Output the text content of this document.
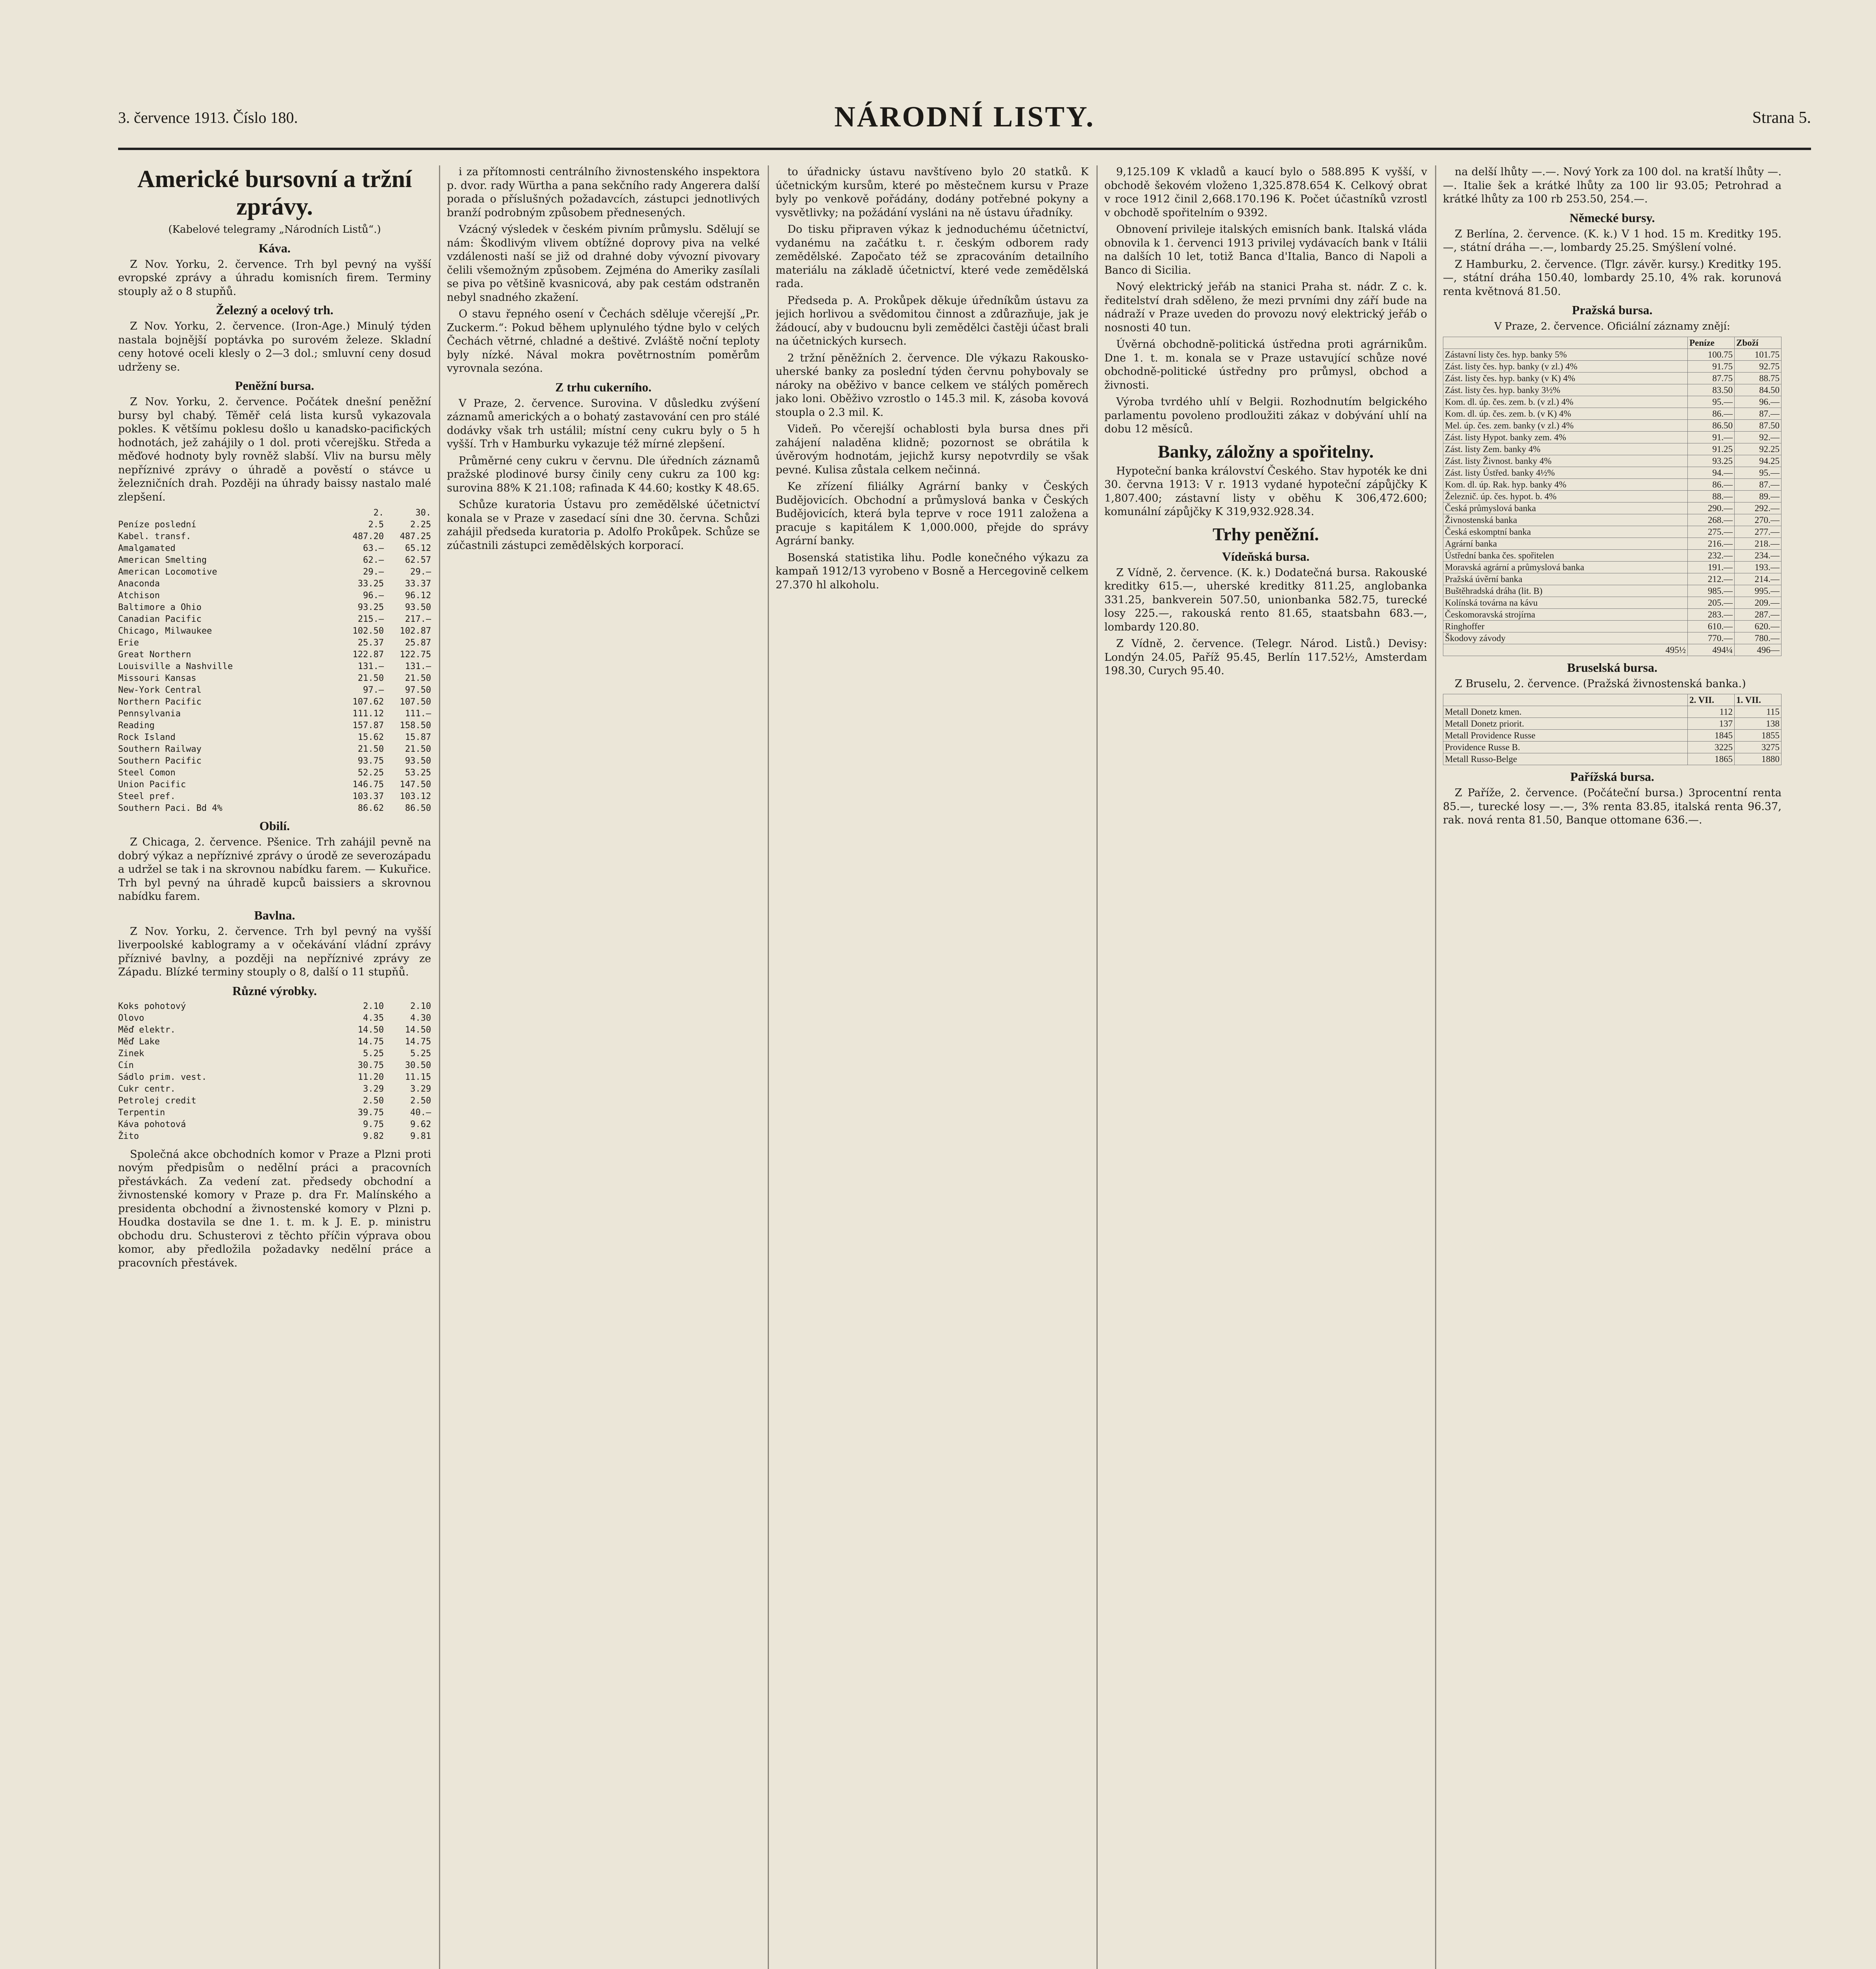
3. července 1913. Číslo 180.	NÁRODNÍ LISTY.	Strana 5.
Americké bursovní a tržní zprávy.
(Kabelové telegramy „Národních Listů“.)
Káva.

Z Nov. Yorku, 2. července. Trh byl pevný na vyšší evropské zprávy a úhradu komisních firem. Terminy stouply až o 8 stupňů.

Železný a ocelový trh.

Z Nov. Yorku, 2. července. (Iron-Age.) Minulý týden nastala bojnější poptávka po surovém železe. Skladní ceny hotové oceli klesly o 2—3 dol.; smluvní ceny dosud udrženy se.

Peněžní bursa.

Z Nov. Yorku, 2. července. Počátek dnešní peněžní bursy byl chabý. Těměř celá lista kursů vykazovala pokles. K většímu poklesu došlo u kanadsko-pacifických hodnotách, jež zahájily o 1 dol. proti včerejšku. Středa a měďové hodnoty byly rovněž slabší. Vliv na bursu měly nepříznivé zprávy o úhradě a pověstí o stávce u železničních drah. Později na úhrady baissy nastalo malé zlepšení.

2.	30.
Peníze poslední	2.5	2.25
Kabel. transf.	487.20	487.25
Amalgamated	63.—	65.12
American Smelting	62.—	62.57
American Locomotive	29.—	29.—
Anaconda	33.25	33.37
Atchison	96.—	96.12
Baltimore a Ohio	93.25	93.50
Canadian Pacific	215.—	217.—
Chicago, Milwaukee	102.50	102.87
Erie	25.37	25.87
Great Northern	122.87	122.75
Louisville a Nashville	131.—	131.—
Missouri Kansas	21.50	21.50
New-York Central	97.—	97.50
Northern Pacific	107.62	107.50
Pennsylvania	111.12	111.—
Reading	157.87	158.50
Rock Island	15.62	15.87
Southern Railway	21.50	21.50
Southern Pacific	93.75	93.50
Steel Comon	52.25	53.25
Union Pacific	146.75	147.50
Steel pref.	103.37	103.12
Southern Paci. Bd 4%	86.62	86.50
Obilí.

Z Chicaga, 2. července. Pšenice. Trh zahájil pevně na dobrý výkaz a nepříznivé zprávy o úrodě ze severozápadu a udržel se tak i na skrovnou nabídku farem. — Kukuřice. Trh byl pevný na úhradě kupců baissiers a skrovnou nabídku farem.

Bavlna.

Z Nov. Yorku, 2. července. Trh byl pevný na vyšší liverpoolské kablogramy a v očekávání vládní zprávy příznivé bavlny, a později na nepříznivé zprávy ze Západu. Blízké terminy stouply o 8, další o 11 stupňů.

Různé výrobky.
Koks pohotový	2.10	2.10
Olovo	4.35	4.30
Měď elektr.	14.50	14.50
Měď Lake	14.75	14.75
Zinek	5.25	5.25
Cín	30.75	30.50
Sádlo prim. vest.	11.20	11.15
Cukr centr.	3.29	3.29
Petrolej credit	2.50	2.50
Terpentin	39.75	40.—
Káva pohotová	9.75	9.62
Žito	9.82	9.81

Společná akce obchodních komor v Praze a Plzni proti novým předpisům o nedělní práci a pracovních přestávkách. Za vedení zat. předsedy obchodní a živnostenské komory v Praze p. dra Fr. Malínského a presidenta obchodní a živnostenské komory v Plzni p. Houdka dostavila se dne 1. t. m. k J. E. p. ministru obchodu dru. Schusterovi z těchto příčin výprava obou komor, aby předložila požadavky nedělní práce a pracovních přestávek.

i za přítomnosti centrálního živnostenského inspektora p. dvor. rady Würtha a pana sekčního rady Angerera další porada o příslušných požadavcích, zástupci jednotlivých branží podrobným způsobem přednesených.

Vzácný výsledek v českém pivním průmyslu. Sdělují se nám: Škodlivým vlivem obtížné doprovy piva na velké vzdálenosti naší se již od drahné doby vývozní pivovary čelili všemožným způsobem. Zejména do Ameriky zasílali se piva po většině kvasnicová, aby pak cestám odstraněn nebyl snadného zkažení.

O stavu řepného osení v Čechách sděluje včerejší „Pr. Zuckerm.“: Pokud během uplynulého týdne bylo v celých Čechách větrné, chladné a deštivé. Zvláště noční teploty byly nízké. Nával mokra povětrnostním poměrům vyrovnala sezóna.

Z trhu cukerního.

V Praze, 2. července. Surovina. V důsledku zvýšení záznamů amerických a o bohatý zastavování cen pro stálé dodávky však trh ustálil; místní ceny cukru byly o 5 h vyšší. Trh v Hamburku vykazuje též mírné zlepšení.

Průměrné ceny cukru v červnu. Dle úředních záznamů pražské plodinové bursy činily ceny cukru za 100 kg: surovina 88% K 21.108; rafinada K 44.60; kostky K 48.65.

Schůze kuratoria Ústavu pro zemědělské účetnictví konala se v Praze v zasedací síni dne 30. června. Schůzi zahájil předseda kuratoria p. Adolfo Prokůpek. Schůze se zúčastnili zástupci zemědělských korporací.

to úřadnicky ústavu navštíveno bylo 20 statků. K účetnickým kursům, které po městečnem kursu v Praze byly po venkově pořádány, dodány potřebné pokyny a vysvětlivky; na požádání vysláni na ně ústavu úřadníky.

Do tisku připraven výkaz k jednoduchému účetnictví, vydanému na začátku t. r. českým odborem rady zemědělské. Započato též se zpracováním detailního materiálu na základě účetnictví, které vede zemědělská rada.

Předseda p. A. Prokůpek děkuje úředníkům ústavu za jejich horlivou a svědomitou činnost a zdůrazňuje, jak je žádoucí, aby v budoucnu byli zemědělci častěji účast brali na účetnických kursech.

2 tržní pěněžních 2. července. Dle výkazu Rakousko-uherské banky za poslední týden červnu pohybovaly se nároky na oběživo v bance celkem ve stálých poměrech jako loni. Oběživo vzrostlo o 145.3 mil. K, zásoba kovová stoupla o 2.3 mil. K.

Videň. Po včerejší ochablosti byla bursa dnes při zahájení naladěna klidně; pozornost se obrátila k úvěrovým hodnotám, jejichž kursy nepotvrdily se však pevné. Kulisa zůstala celkem nečinná.

Ke zřízení filiálky Agrární banky v Českých Budějovicích. Obchodní a průmyslová banka v Českých Budějovicích, která byla teprve v roce 1911 založena a pracuje s kapitálem K 1,000.000, přejde do správy Agrární banky.

Bosenská statistika lihu. Podle konečného výkazu za kampaň 1912/13 vyrobeno v Bosně a Hercegovině celkem 27.370 hl alkoholu.

9,125.109 K vkladů a kaucí bylo o 588.895 K vyšší, v obchodě šekovém vloženo 1,325.878.654 K. Celkový obrat v roce 1912 činil 2,668.170.196 K. Počet účastníků vzrostl v obchodě spořitelním o 9392.

Obnovení privileje italských emisních bank. Italská vláda obnovila k 1. červenci 1913 privilej vydávacích bank v Itálii na dalších 10 let, totiž Banca d'Italia, Banco di Napoli a Banco di Sicilia.

Nový elektrický jeřáb na stanici Praha st. nádr. Z c. k. ředitelství drah sděleno, že mezi prvními dny září bude na nádraží v Praze uveden do provozu nový elektrický jeřáb o nosnosti 40 tun.

Úvěrná obchodně-politická ústředna proti agrárnikům. Dne 1. t. m. konala se v Praze ustavující schůze nové obchodně-politické ústředny pro průmysl, obchod a živnosti.

Výroba tvrdého uhlí v Belgii. Rozhodnutím belgického parlamentu povoleno prodloužiti zákaz v dobývání uhlí na dobu 12 měsíců.

Banky, záložny a spořitelny.

Hypoteční banka království Českého. Stav hypoték ke dni 30. června 1913: V r. 1913 vydané hypoteční zápůjčky K 1,807.400; zástavní listy v oběhu K 306,472.600; komunální zápůjčky K 319,932.928.34.

Trhy peněžní.
Vídeňská bursa.

Z Vídně, 2. července. (K. k.) Dodatečná bursa. Rakouské kreditky 615.—, uherské kreditky 811.25, anglobanka 331.25, bankverein 507.50, unionbanka 582.75, turecké losy 225.—, rakouská rento 81.65, staatsbahn 683.—, lombardy 120.80.

Z Vídně, 2. července. (Telegr. Národ. Listů.) Devisy: Londýn 24.05, Paříž 95.45, Berlín 117.52½, Amsterdam 198.30, Curych 95.40.

na delší lhůty —.—. Nový York za 100 dol. na kratší lhůty —.—. Italie šek a krátké lhůty za 100 lir 93.05; Petrohrad a krátké lhůty za 100 rb 253.50, 254.—.

Německé bursy.

Z Berlína, 2. července. (K. k.) V 1 hod. 15 m. Kreditky 195.—, státní dráha —.—, lombardy 25.25. Smýšlení volné.

Z Hamburku, 2. července. (Tlgr. závěr. kursy.) Kreditky 195.—, státní dráha 150.40, lombardy 25.10, 4% rak. korunová renta květnová 81.50.

Pražská bursa.
V Praze, 2. července. Oficiální záznamy znějí:
	Peníze	Zboží
Zástavní listy čes. hyp. banky 5%	100.75	101.75
Zást. listy čes. hyp. banky (v zl.) 4%	91.75	92.75
Zást. listy čes. hyp. banky (v K) 4%	87.75	88.75
Zást. listy čes. hyp. banky 3½%	83.50	84.50
Kom. dl. úp. čes. zem. b. (v zl.) 4%	95.—	96.—
Kom. dl. úp. čes. zem. b. (v K) 4%	86.—	87.—
Mel. úp. čes. zem. banky (v zl.) 4%	86.50	87.50
Zást. listy Hypot. banky zem. 4%	91.—	92.—
Zást. listy Zem. banky 4%	91.25	92.25
Zást. listy Živnost. banky 4%	93.25	94.25
Zást. listy Ústřed. banky 4½%	94.—	95.—
Kom. dl. úp. Rak. hyp. banky 4%	86.—	87.—
Železnič. úp. čes. hypot. b. 4%	88.—	89.—
Česká průmyslová banka	290.—	292.—
Živnostenská banka	268.—	270.—
Česká eskomptní banka	275.—	277.—
Agrární banka	216.—	218.—
Ústřední banka čes. spořitelen	232.—	234.—
Moravská agrární a průmyslová banka	191.—	193.—
Pražská úvěrní banka	212.—	214.—
Buštěhradská dráha (lit. B)	985.—	995.—
Kolínská továrna na kávu	205.—	209.—
Českomoravská strojírna	283.—	287.—
Ringhoffer	610.—	620.—
Škodovy závody	770.—	780.—
495½	494¼	496—
Bruselská bursa.

Z Bruselu, 2. července. (Pražská živnostenská banka.)

	2. VII.	1. VII.
Metall Donetz kmen.	112	115
Metall Donetz priorit.	137	138
Metall Providence Russe	1845	1855
Providence Russe B.	3225	3275
Metall Russo-Belge	1865	1880
Pařížská bursa.

Z Paříže, 2. července. (Počáteční bursa.) 3procentní renta 85.—, turecké losy —.—, 3% renta 83.85, italská renta 96.37, rak. nová renta 81.50, Banque ottomane 636.—.
